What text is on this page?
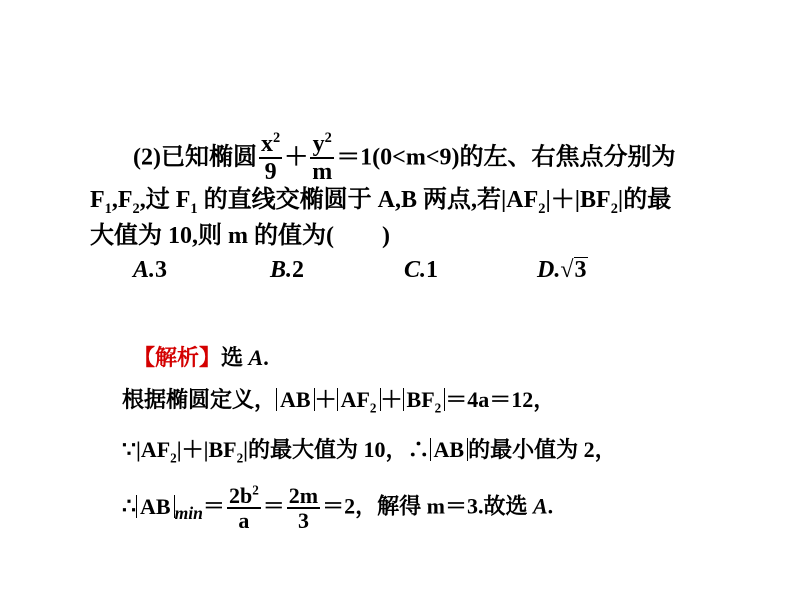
(2)已知椭圆 $\frac{x^2}{9} + \frac{y^2}{m} =1(0<m<9)$的左、右焦点分别为
$F_1,F_2$,过 $F_1$ 的直线交椭圆于 A,B 两点,若$|AF_2|+|BF_2|$的最
大值为 10,则 m 的值为(　　)
A.3	B.2	C.1	D.√3
【解析】选 A.
根据椭圆定义， AB ＋ $AF_2 + BF_2 =4a=12$，
$\because|AF_2|+|BF_2|$的最大值为 10，∴ AB 的最小值为 2，
∴ AB $_{min}= \frac{2b^2}{a} = \frac{2m}{3} =2$，解得 m＝3.故选 A.
